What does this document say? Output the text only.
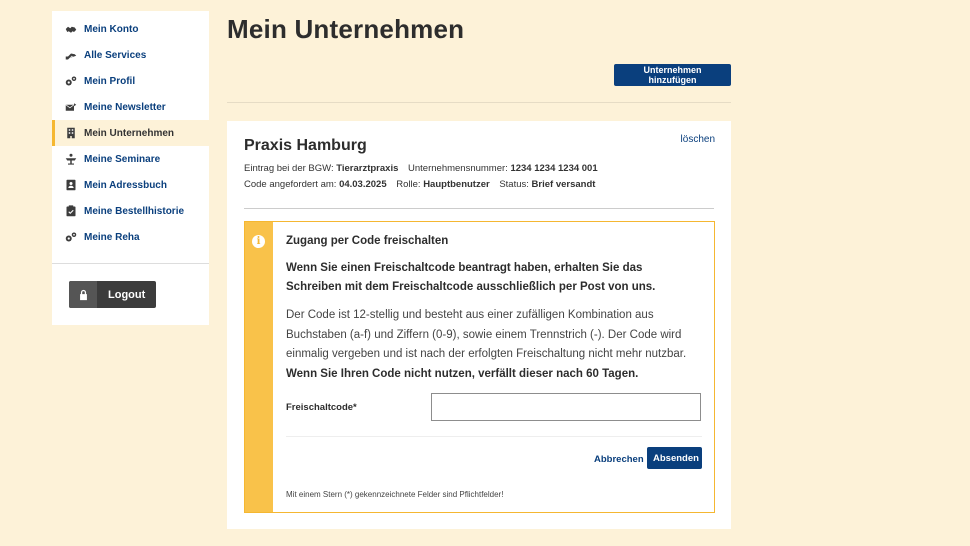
Mein Konto
Alle Services
Mein Profil
Meine Newsletter
Mein Unternehmen
Meine Seminare
Mein Adressbuch
Meine Bestellhistorie
Meine Reha
Logout
Mein Unternehmen
Unternehmen hinzufügen
Praxis Hamburg	löschen
Eintrag bei der BGW: Tierarztpraxis Unternehmensnummer: 1234 1234 1234 001
Code angefordert am: 04.03.2025 Rolle: Hauptbenutzer Status: Brief versandt
i	Zugang per Code freischalten
Wenn Sie einen Freischaltcode beantragt haben, erhalten Sie das Schreiben mit dem Freischaltcode ausschließlich per Post von uns.
Der Code ist 12-stellig und besteht aus einer zufälligen Kombination aus Buchstaben (a-f) und Ziffern (0-9), sowie einem Trennstrich (-). Der Code wird einmalig vergeben und ist nach der erfolgten Freischaltung nicht mehr nutzbar. Wenn Sie Ihren Code nicht nutzen, verfällt dieser nach 60 Tagen.
Freischaltcode*
Abbrechen Absenden
Mit einem Stern (*) gekennzeichnete Felder sind Pflichtfelder!
